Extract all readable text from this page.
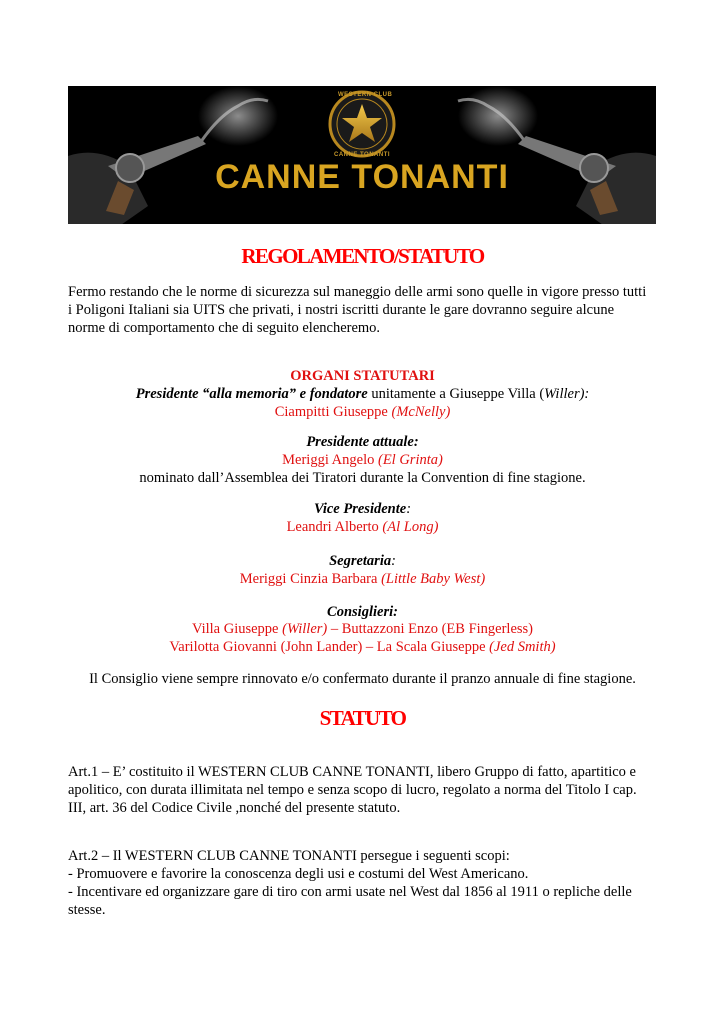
WESTERN CLUB
CANNE TONANTI
CANNE TONANTI
REGOLAMENTO/STATUTO
Fermo restando che le norme di sicurezza sul maneggio delle armi sono quelle in vigore presso tutti
i Poligoni Italiani sia UITS che privati, i nostri iscritti durante le gare dovranno seguire alcune
norme di comportamento che di seguito elencheremo.
ORGANI STATUTARI
Presidente “alla memoria” e fondatore unitamente a Giuseppe Villa (Willer):
Ciampitti Giuseppe (McNelly)
Presidente attuale:
Meriggi Angelo (El Grinta)
nominato dall’Assemblea dei Tiratori durante la Convention di fine stagione.
Vice Presidente:
Leandri Alberto (Al Long)
Segretaria:
Meriggi Cinzia Barbara (Little Baby West)
Consiglieri:
Villa Giuseppe (Willer) – Buttazzoni Enzo (EB Fingerless)
Varilotta Giovanni (John Lander) – La Scala Giuseppe (Jed Smith)
Il Consiglio viene sempre rinnovato e/o confermato durante il pranzo annuale di fine stagione.
STATUTO
Art.1 – E’ costituito il WESTERN CLUB CANNE TONANTI, libero Gruppo di fatto, apartitico e
apolitico, con durata illimitata nel tempo e senza scopo di lucro, regolato a norma del Titolo I cap.
III, art. 36 del Codice Civile ,nonché del presente statuto.
Art.2 – Il WESTERN CLUB CANNE TONANTI persegue i seguenti scopi:
- Promuovere e favorire la conoscenza degli usi e costumi del West Americano.
- Incentivare ed organizzare gare di tiro con armi usate nel West dal 1856 al 1911 o repliche delle
stesse.
